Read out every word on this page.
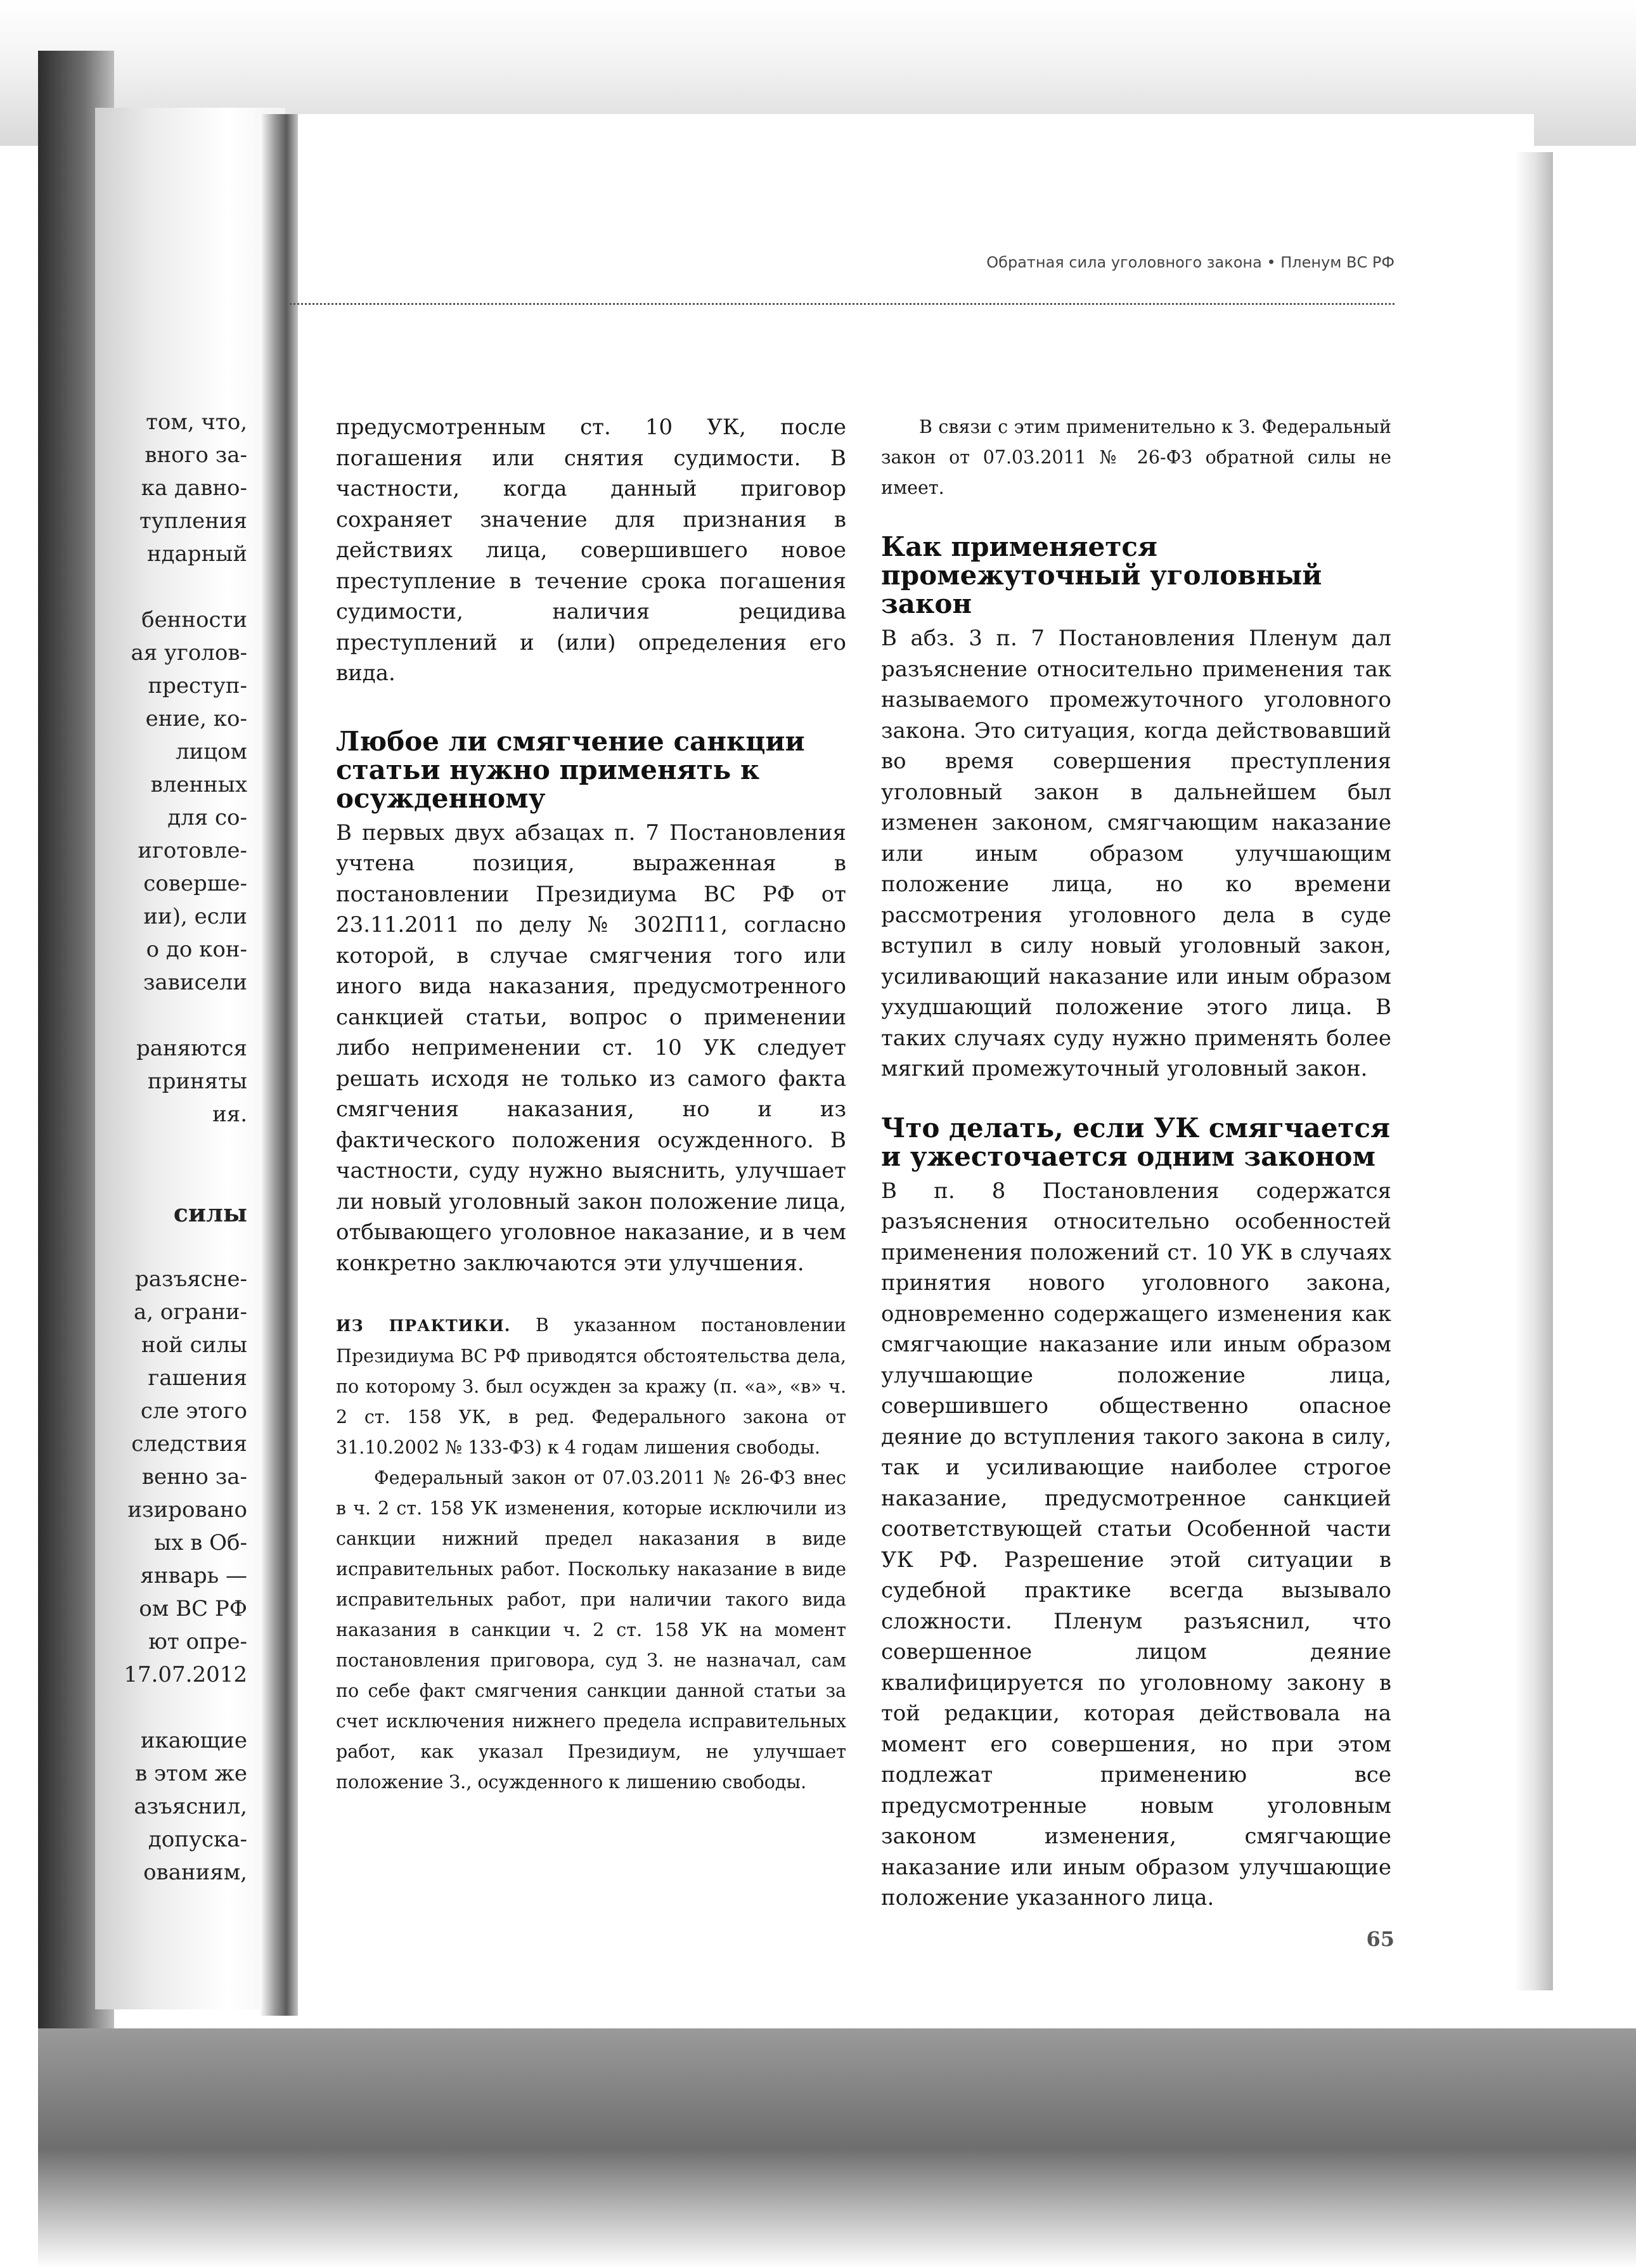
том, что,
вного за-
ка давно-
тупления
ндарный
бенности
ая уголов-
преступ-
ение, ко-
лицом
вленных
для со-
иготовле-
соверше-
ии), если
о до кон-
зависели
раняются
приняты
ия.
силы
разъясне-
а, ограни-
ной силы
гашения
сле этого
следствия
венно за-
изировано
ых в Об-
январь —
ом ВС РФ
ют опре-
17.07.2012
икающие
в этом же
азъяснил,
допуска-
ованиям,
Обратная сила уголовного закона • Пленум ВС РФ

предусмотренным ст. 10 УК, после погашения или снятия судимости. В частности, когда данный приговор сохраняет значение для признания в действиях лица, совершившего новое преступление в течение срока погашения судимости, наличия рецидива преступлений и (или) определения его вида.

Любое ли смягчение санкции статьи нужно применять к осужденному

В первых двух абзацах п. 7 Постановления учтена позиция, выраженная в постановлении Президиума ВС РФ от 23.11.2011 по делу № 302П11, согласно которой, в случае смягчения того или иного вида наказания, предусмотренного санкцией статьи, вопрос о применении либо неприменении ст. 10 УК следует решать исходя не только из самого факта смягчения наказания, но и из фактического положения осужденного. В частности, суду нужно выяснить, улучшает ли новый уголовный закон положение лица, отбывающего уголовное наказание, и в чем конкретно заключаются эти улучшения.

ИЗ ПРАКТИКИ. В указанном постановлении Президиума ВС РФ приводятся обстоятельства дела, по которому З. был осужден за кражу (п. «а», «в» ч. 2 ст. 158 УК, в ред. Федерального закона от 31.10.2002 № 133-ФЗ) к 4 годам лишения свободы.

Федеральный закон от 07.03.2011 № 26-ФЗ внес в ч. 2 ст. 158 УК изменения, которые исключили из санкции нижний предел наказания в виде исправительных работ. Поскольку наказание в виде исправительных работ, при наличии такого вида наказания в санкции ч. 2 ст. 158 УК на момент постановления приговора, суд З. не назначал, сам по себе факт смягчения санкции данной статьи за счет исключения нижнего предела исправительных работ, как указал Президиум, не улучшает положение З., осужденного к лишению свободы.

В связи с этим применительно к З. Федеральный закон от 07.03.2011 № 26-ФЗ обратной силы не имеет.

Как применяется промежуточный уголовный закон

В абз. 3 п. 7 Постановления Пленум дал разъяснение относительно применения так называемого промежуточного уголовного закона. Это ситуация, когда действовавший во время совершения преступления уголовный закон в дальнейшем был изменен законом, смягчающим наказание или иным образом улучшающим положение лица, но ко времени рассмотрения уголовного дела в суде вступил в силу новый уголовный закон, усиливающий наказание или иным образом ухудшающий положение этого лица. В таких случаях суду нужно применять более мягкий промежуточный уголовный закон.

Что делать, если УК смягчается и ужесточается одним законом

В п. 8 Постановления содержатся разъяснения относительно особенностей применения положений ст. 10 УК в случаях принятия нового уголовного закона, одновременно содержащего изменения как смягчающие наказание или иным образом улучшающие положение лица, совершившего общественно опасное деяние до вступления такого закона в силу, так и усиливающие наиболее строгое наказание, предусмотренное санкцией соответствующей статьи Особенной части УК РФ. Разрешение этой ситуации в судебной практике всегда вызывало сложности. Пленум разъяснил, что совершенное лицом деяние квалифицируется по уголовному закону в той редакции, которая действовала на момент его совершения, но при этом подлежат применению все предусмотренные новым уголовным законом изменения, смягчающие наказание или иным образом улучшающие положение указанного лица.

65
